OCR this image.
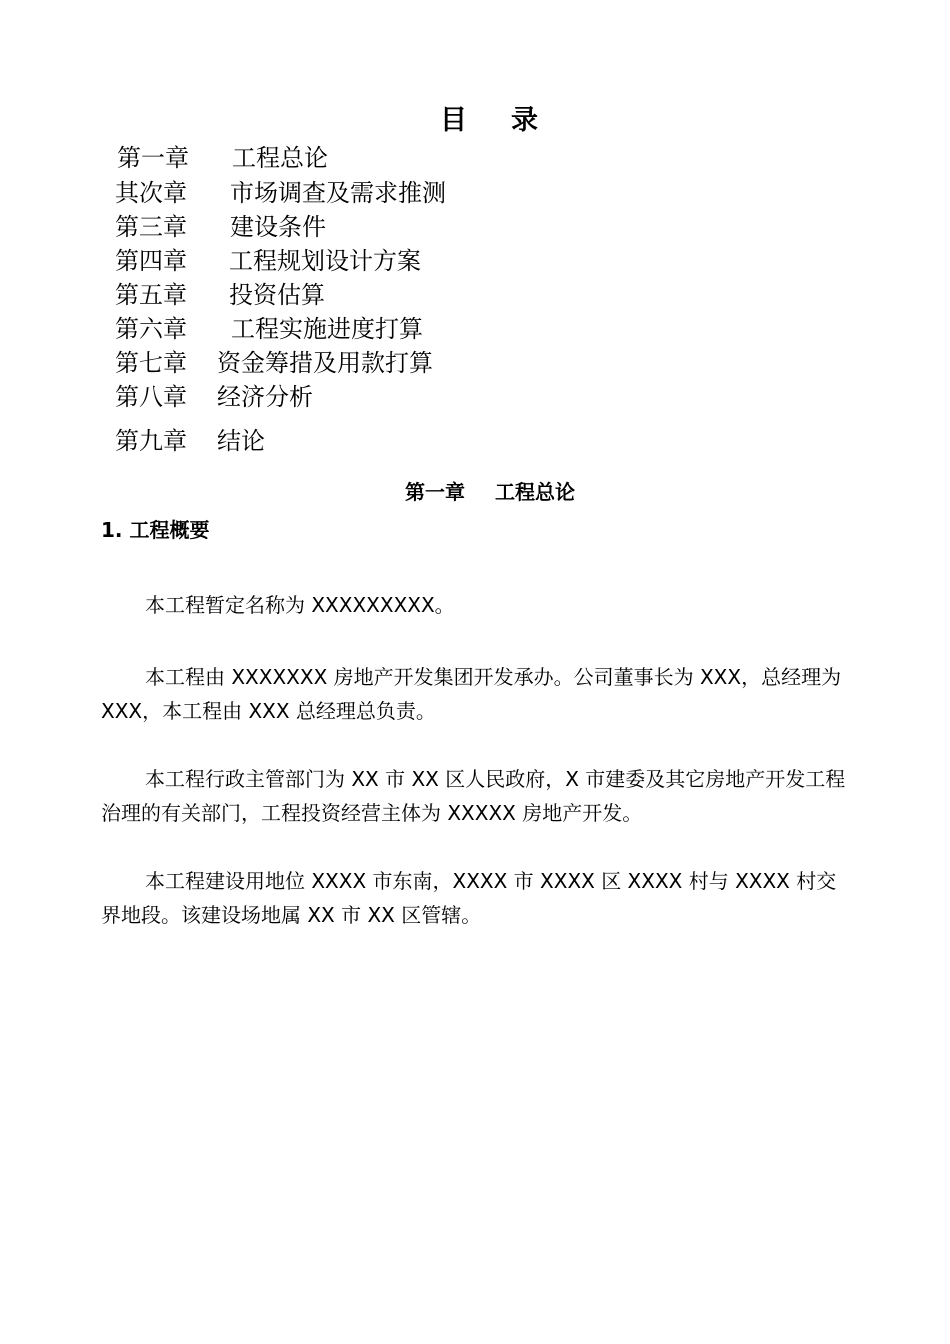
目 录
第一章 工程总论
其次章 市场调查及需求推测
第三章 建设条件
第四章 工程规划设计方案
第五章 投资估算
第六章 工程实施进度打算
第七章 资金筹措及用款打算
第八章 经济分析
第九章 结论
第一章 工程总论
1. 工程概要
本工程暂定名称为 XXXXXXXXX。
本工程由 XXXXXXX 房地产开发集团开发承办。公司董事长为 XXX，总经理为 XXX，本工程由 XXX 总经理总负责。
本工程行政主管部门为 XX 市 XX 区人民政府，X 市建委及其它房地产开发工程治理的有关部门，工程投资经营主体为 XXXXX 房地产开发。
本工程建设用地位 XXXX 市东南，XXXX 市 XXXX 区 XXXX 村与 XXXX 村交界地段。该建设场地属 XX 市 XX 区管辖。
